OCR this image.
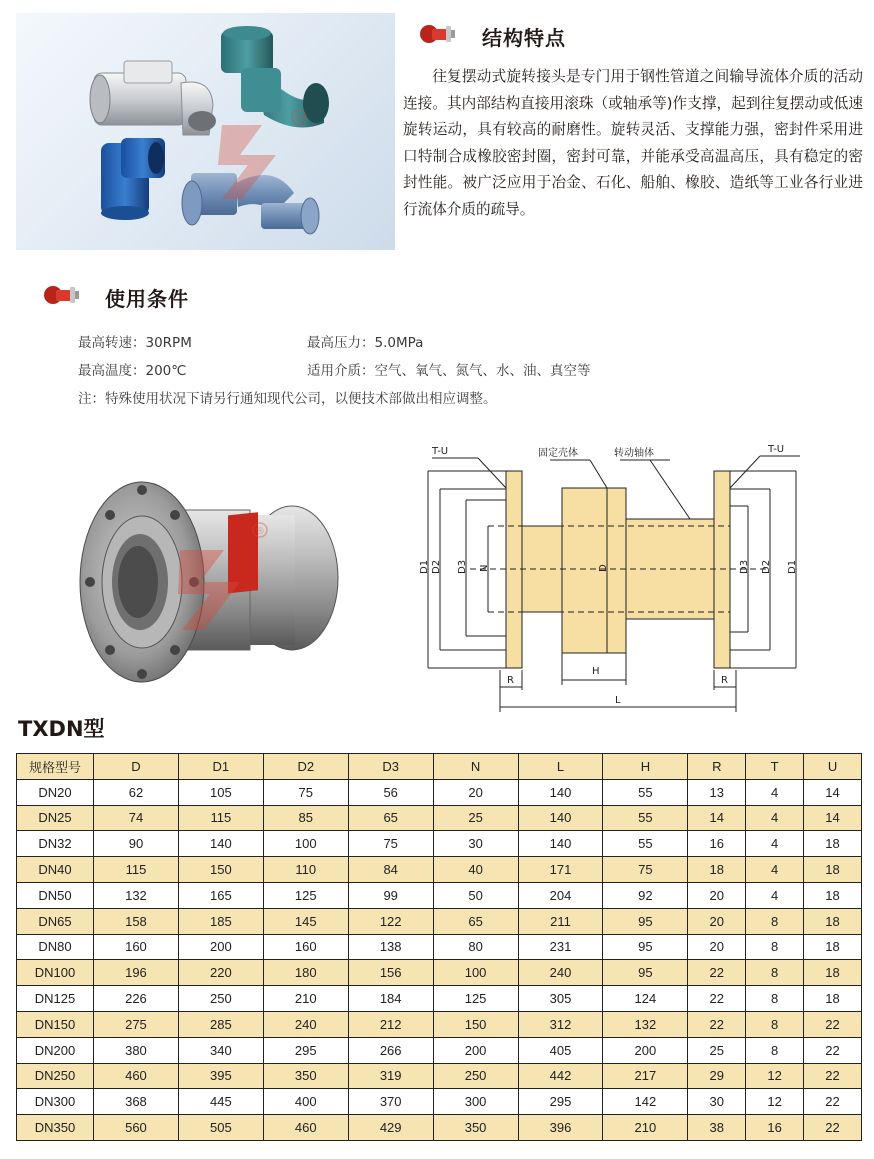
®
结构特点
往复摆动式旋转接头是专门用于钢性管道之间输导流体介质的活动连接。其内部结构直接用滚珠（或轴承等)作支撑，起到往复摆动或低速旋转运动，具有较高的耐磨性。旋转灵活、支撑能力强，密封件采用进口特制合成橡胶密封圈，密封可靠，并能承受高温高压，具有稳定的密封性能。被广泛应用于冶金、石化、船舶、橡胶、造纸等工业各行业进行流体介质的疏导。
使用条件
最高转速：30RPM	最高压力：5.0MPa
最高温度：200℃	适用介质：空气、氧气、氮气、水、油、真空等
注：特殊使用状况下请另行通知现代公司，以便技术部做出相应调整。
®
T-U	T-U
固定壳体	转动轴体
D1 D2 D3 N	D	D3 D2 D1
H
R	R
L
TXDN型
规格型号	D	D1	D2	D3	N	L	H	R	T	U
DN20	62	105	75	56	20	140	55	13	4	14
DN25	74	115	85	65	25	140	55	14	4	14
DN32	90	140	100	75	30	140	55	16	4	18
DN40	115	150	110	84	40	171	75	18	4	18
DN50	132	165	125	99	50	204	92	20	4	18
DN65	158	185	145	122	65	211	95	20	8	18
DN80	160	200	160	138	80	231	95	20	8	18
DN100	196	220	180	156	100	240	95	22	8	18
DN125	226	250	210	184	125	305	124	22	8	18
DN150	275	285	240	212	150	312	132	22	8	22
DN200	380	340	295	266	200	405	200	25	8	22
DN250	460	395	350	319	250	442	217	29	12	22
DN300	368	445	400	370	300	295	142	30	12	22
DN350	560	505	460	429	350	396	210	38	16	22
